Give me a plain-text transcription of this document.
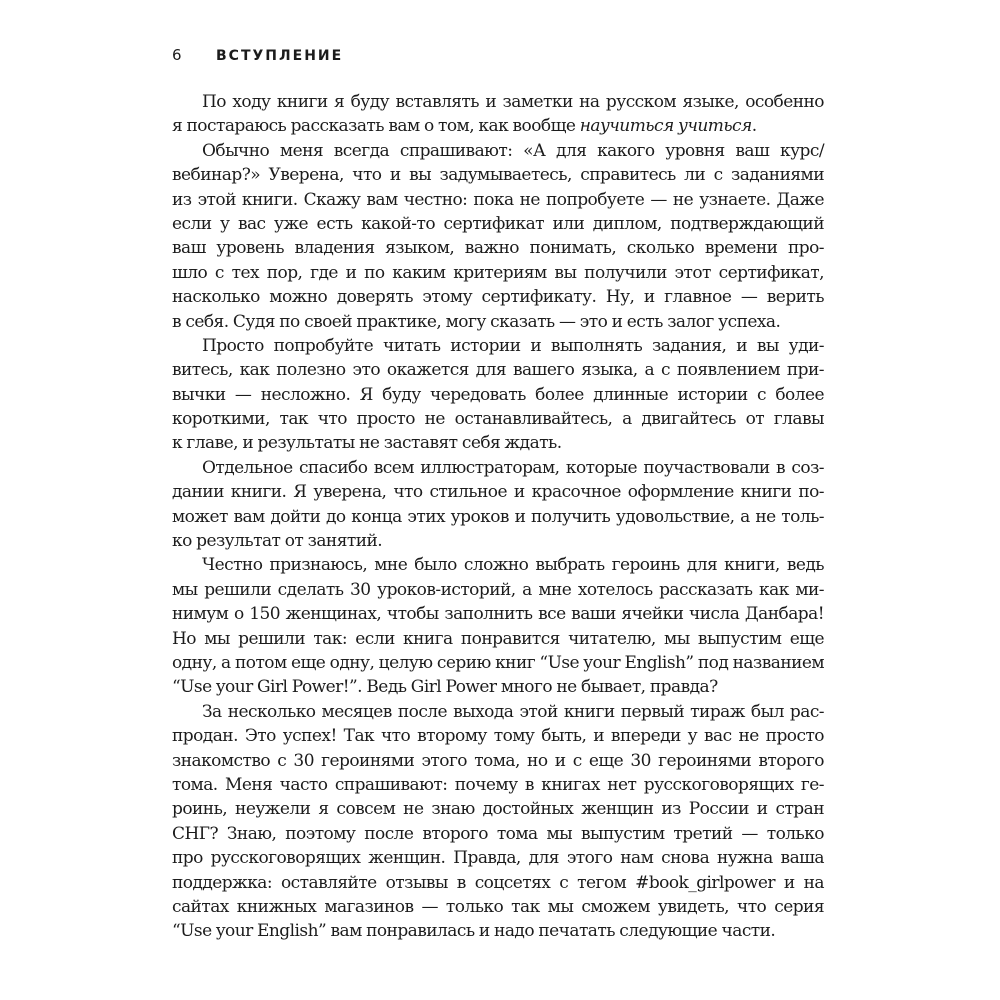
6	ВСТУПЛЕНИЕ
По ходу книги я буду вставлять и заметки на русском языке, особенно
я постараюсь рассказать вам о том, как вообще научиться учиться.
Обычно меня всегда спрашивают: «А для какого уровня ваш курс/
вебинар?» Уверена, что и вы задумываетесь, справитесь ли с заданиями
из этой книги. Скажу вам честно: пока не попробуете — не узнаете. Даже
если у вас уже есть какой-то сертификат или диплом, подтверждающий
ваш уровень владения языком, важно понимать, сколько времени про-
шло с тех пор, где и по каким критериям вы получили этот сертификат,
насколько можно доверять этому сертификату. Ну, и главное — верить
в себя. Судя по своей практике, могу сказать — это и есть залог успеха.
Просто попробуйте читать истории и выполнять задания, и вы уди-
витесь, как полезно это окажется для вашего языка, а с появлением при-
вычки — несложно. Я буду чередовать более длинные истории с более
короткими, так что просто не останавливайтесь, а двигайтесь от главы
к главе, и результаты не заставят себя ждать.
Отдельное спасибо всем иллюстраторам, которые поучаствовали в соз-
дании книги. Я уверена, что стильное и красочное оформление книги по-
может вам дойти до конца этих уроков и получить удовольствие, а не толь-
ко результат от занятий.
Честно признаюсь, мне было сложно выбрать героинь для книги, ведь
мы решили сделать 30 уроков-историй, а мне хотелось рассказать как ми-
нимум о 150 женщинах, чтобы заполнить все ваши ячейки числа Данбара!
Но мы решили так: если книга понравится читателю, мы выпустим еще
одну, а потом еще одну, целую серию книг “Use your English” под названием
“Use your Girl Power!”. Ведь Girl Power много не бывает, правда?
За несколько месяцев после выхода этой книги первый тираж был рас-
продан. Это успех! Так что второму тому быть, и впереди у вас не просто
знакомство с 30 героинями этого тома, но и с еще 30 героинями второго
тома. Меня часто спрашивают: почему в книгах нет русскоговорящих ге-
роинь, неужели я совсем не знаю достойных женщин из России и стран
СНГ? Знаю, поэтому после второго тома мы выпустим третий — только
про русскоговорящих женщин. Правда, для этого нам снова нужна ваша
поддержка: оставляйте отзывы в соцсетях с тегом #book_girlpower и на
сайтах книжных магазинов — только так мы сможем увидеть, что серия
“Use your English” вам понравилась и надо печатать следующие части.
